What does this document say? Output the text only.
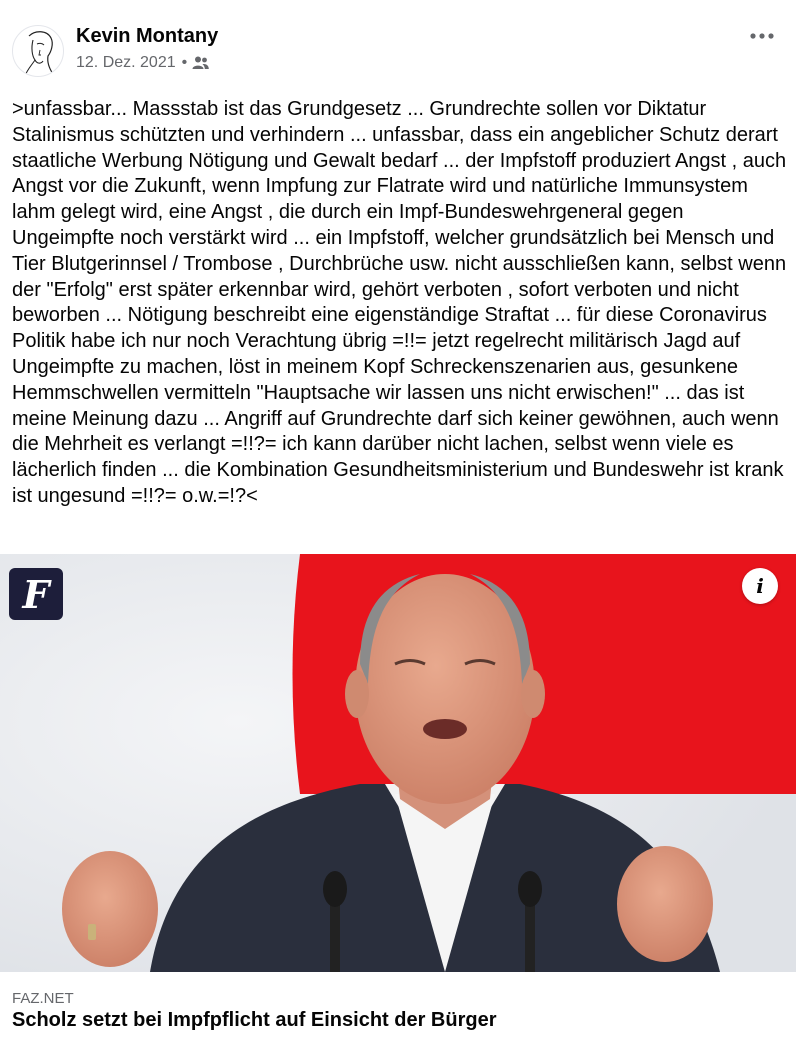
Kevin Montany
12. Dez. 2021 •

>unfassbar... Massstab ist das Grundgesetz ... Grundrechte sollen vor Diktatur Stalinismus schützten und verhindern ... unfassbar, dass ein angeblicher Schutz derart staatliche Werbung Nötigung und Gewalt bedarf ... der Impfstoff produziert Angst , auch Angst vor die Zukunft, wenn Impfung zur Flatrate wird und natürliche Immunsystem lahm gelegt wird, eine Angst , die durch ein Impf-Bundeswehrgeneral gegen Ungeimpfte noch verstärkt wird ... ein Impfstoff, welcher grundsätzlich bei Mensch und Tier Blutgerinnsel / Trombose , Durchbrüche usw. nicht ausschließen kann, selbst wenn der "Erfolg" erst später erkennbar wird, gehört verboten , sofort verboten und nicht beworben ... Nötigung beschreibt eine eigenständige Straftat ... für diese Coronavirus Politik habe ich nur noch Verachtung übrig =!!= jetzt regelrecht militärisch Jagd auf Ungeimpfte zu machen, löst in meinem Kopf Schreckenszenarien aus, gesunkene Hemmschwellen vermitteln "Hauptsache wir lassen uns nicht erwischen!" ... das ist meine Meinung dazu ... Angriff auf Grundrechte darf sich keiner gewöhnen, auch wenn die Mehrheit es verlangt =!!?= ich kann darüber nicht lachen, selbst wenn viele es lächerlich finden ... die Kombination Gesundheitsministerium und Bundeswehr ist krank ist ungesund =!!?= o.w.=!?<

F	i
FAZ.NET
Scholz setzt bei Impfpflicht auf Einsicht der Bürger
